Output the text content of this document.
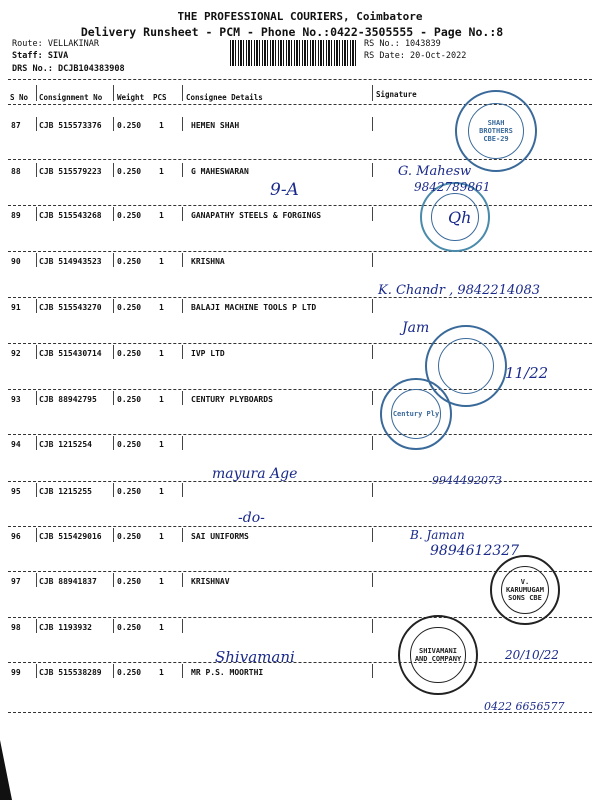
THE PROFESSIONAL COURIERS, Coimbatore
Delivery Runsheet - PCM - Phone No.:0422-3505555 - Page No.:8
Route: VELLAKINAR
Staff: SIVA
DRS No.: DCJB104383908
RS No.: 1043839
RS Date: 20-Oct-2022
S No Consignment No Weight PCS	Consignee Details	Signature
87 CJB 515573376 0.250 1	HEMEN SHAH
88 CJB 515579223 0.250 1	G MAHESWARAN
89 CJB 515543268 0.250 1	GANAPATHY STEELS & FORGINGS
90 CJB 514943523 0.250 1	KRISHNA
91 CJB 515543270 0.250 1	BALAJI MACHINE TOOLS P LTD
92 CJB 515430714 0.250 1	IVP LTD
93 CJB 88942795	0.250 1	CENTURY PLYBOARDS
94 CJB 1215254	0.250 1
95 CJB 1215255	0.250 1
96 CJB 515429016 0.250 1	SAI UNIFORMS
97 CJB 88941837	0.250 1	KRISHNAV
98 CJB 1193932	0.250 1
99 CJB 515538289 0.250 1	MR P.S. MOORTHI
SHAH BROTHERS CBE-29
Century Ply
V. KARUMUGAM SONS CBE
SHIVAMANI AND COMPANY
9-A
G. Mahesw
9842789861
Qh
K. Chandr , 9842214083
Jam
11/22
mayura Age	9944492073
-do-
B. Jaman
9894612327
Shivamani	20/10/22
0422 6656577
